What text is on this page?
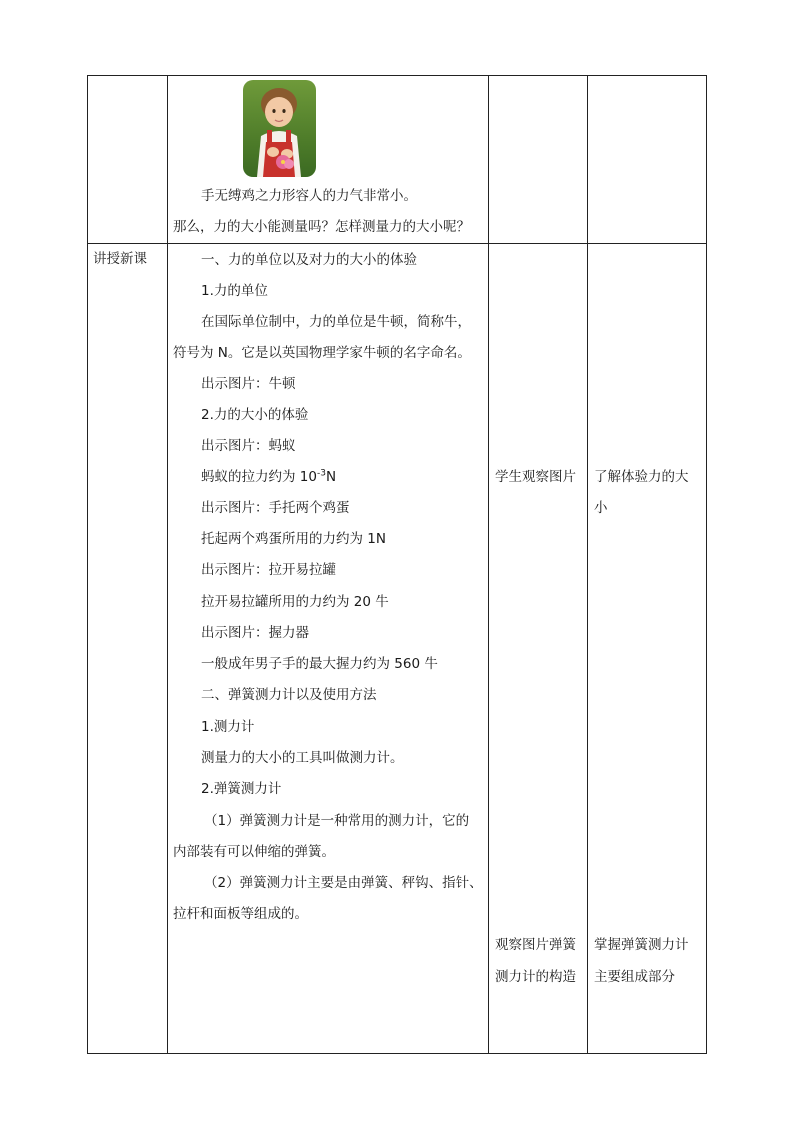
手无缚鸡之力形容人的力气非常小。
那么，力的大小能测量吗？怎样测量力的大小呢？
讲授新课	一、力的单位以及对力的大小的体验
1.力的单位
在国际单位制中，力的单位是牛顿，简称牛，
符号为 N。它是以英国物理学家牛顿的名字命名。
出示图片：牛顿
2.力的大小的体验
出示图片：蚂蚁
蚂蚁的拉力约为 $10^{-3}N$
出示图片：手托两个鸡蛋
托起两个鸡蛋所用的力约为 1N
出示图片：拉开易拉罐
拉开易拉罐所用的力约为 20 牛
出示图片：握力器
一般成年男子手的最大握力约为 560 牛
二、弹簧测力计以及使用方法
1.测力计
测量力的大小的工具叫做测力计。
2.弹簧测力计
（1）弹簧测力计是一种常用的测力计，它的
内部装有可以伸缩的弹簧。
（2）弹簧测力计主要是由弹簧、秤钩、指针、
拉杆和面板等组成的。
学生观察图片
观察图片弹簧
测力计的构造
了解体验力的大
小
掌握弹簧测力计
主要组成部分
